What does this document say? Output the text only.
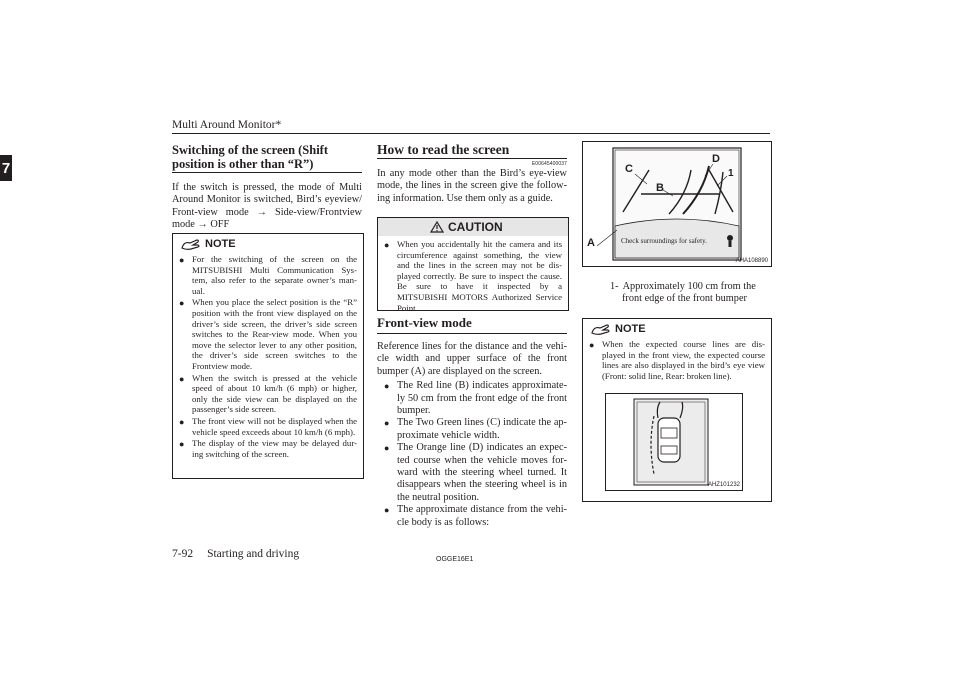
Multi Around Monitor*
7
Switching of the screen (Shift
position is other than “R”)
If the switch is pressed, the mode of Multi Around Monitor is switched, Bird’s eyeview/ Front-view mode → Side-view/Frontview mode → OFF
NOTE
● For the switching of the screen on the MITSUBISHI Multi Communication Sys- tem, also refer to the separate owner’s man- ual.
● When you place the select position is the “R” position with the front view displayed on the driver’s side screen, the driver’s side screen switches to the Rear-view mode. When you move the selector lever to any other position, the driver’s side screen switches to the Frontview mode.
● When the switch is pressed at the vehicle speed of about 10 km/h (6 mph) or higher, only the side view can be displayed on the passenger’s side screen.
● The front view will not be displayed when the vehicle speed exceeds about 10 km/h (6 mph).
● The display of the view may be delayed dur- ing switching of the screen.
How to read the screen
E00645400037
In any mode other than the Bird’s eye-view mode, the lines in the screen give the follow- ing information. Use them only as a guide.
CAUTION
● When you accidentally hit the camera and its circumference against something, the view and the lines in the screen may not be dis- played correctly. Be sure to inspect the cause. Be sure to have it inspected by a MITSUBISHI MOTORS Authorized Service Point.
Front-view mode
Reference lines for the distance and the vehi- cle width and upper surface of the front bumper (A) are displayed on the screen.
● The Red line (B) indicates approximate- ly 50 cm from the front edge of the front bumper.
● The Two Green lines (C) indicate the ap- proximate vehicle width.
● The Orange line (D) indicates an expec- ted course when the vehicle moves for- ward with the steering wheel turned. It disappears when the steering wheel is in the neutral position.
● The approximate distance from the vehi- cle body is as follows:
A
C
B
D
1
Check surroundings for safety.
AHA108890
1- Approximately 100 cm from the
front edge of the front bumper
NOTE
● When the expected course lines are dis- played in the front view, the expected course lines are also displayed in the bird’s eye view (Front: solid line, Rear: broken line).
AHZ101232
7-92 Starting and driving	OGGE16E1
